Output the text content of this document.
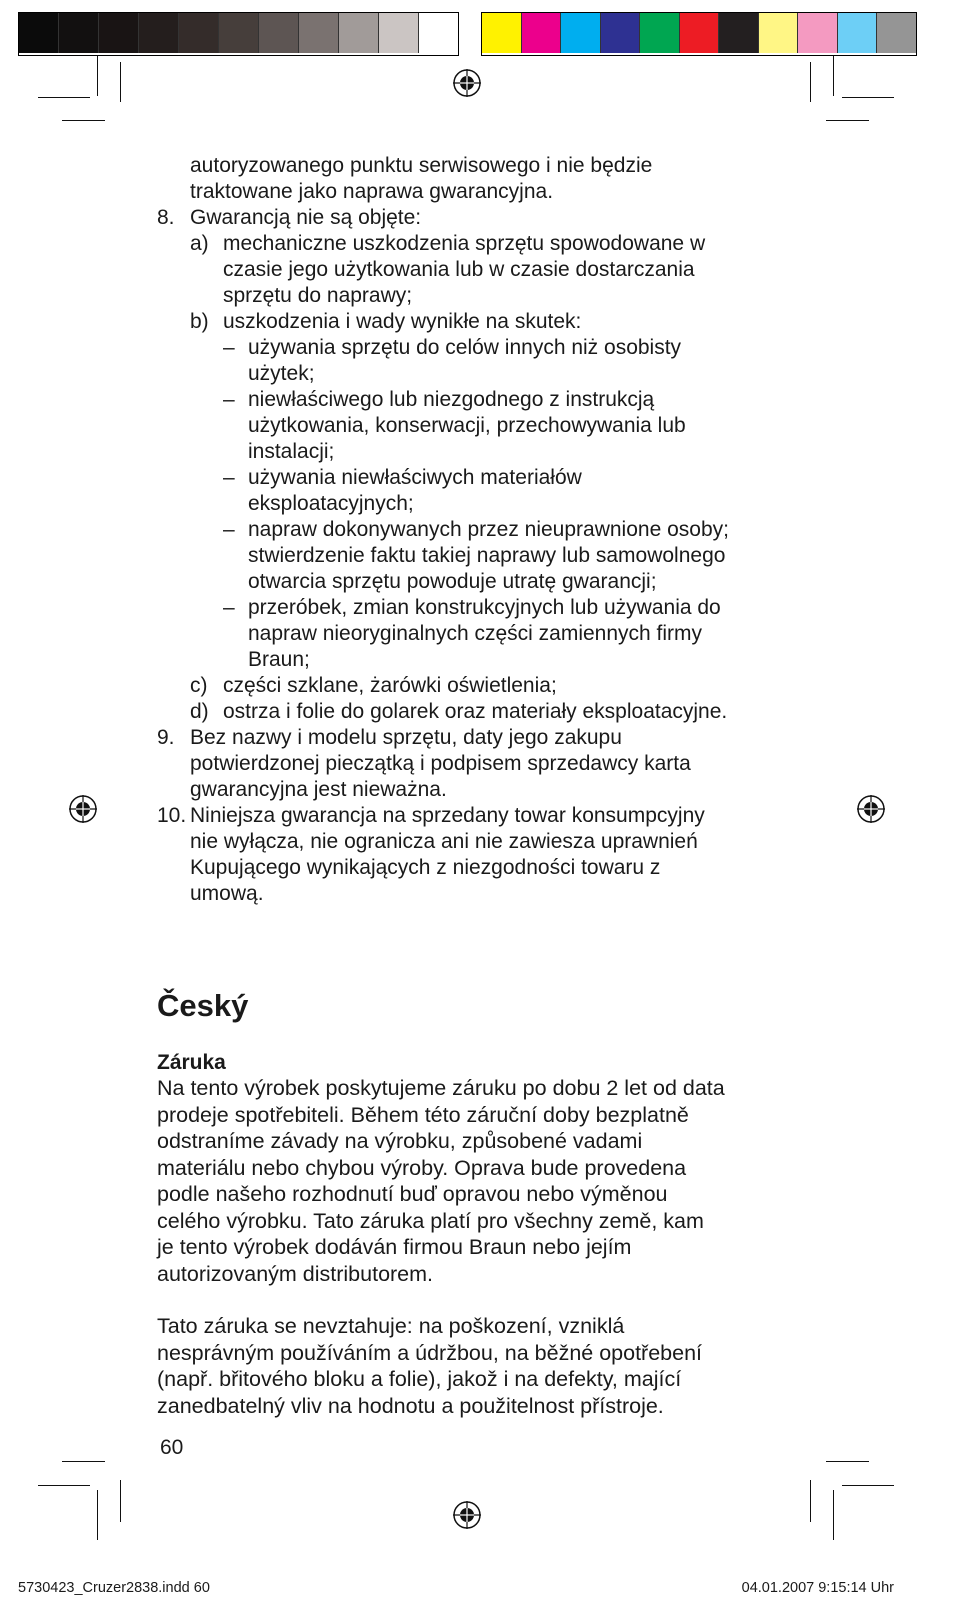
autoryzowanego punktu serwisowego i nie będzie
traktowane jako naprawa gwarancyjna.
8. Gwarancją nie są objęte:
a) mechaniczne uszkodzenia sprzętu spowodowane w
czasie jego użytkowania lub w czasie dostarczania
sprzętu do naprawy;
b) uszkodzenia i wady wynikłe na skutek:
– używania sprzętu do celów innych niż osobisty
użytek;
– niewłaściwego lub niezgodnego z instrukcją
użytkowania, konserwacji, przechowywania lub
instalacji;
– używania niewłaściwych materiałów
eksploatacyjnych;
– napraw dokonywanych przez nieuprawnione osoby;
stwierdzenie faktu takiej naprawy lub samowolnego
otwarcia sprzętu powoduje utratę gwarancji;
– przeróbek, zmian konstrukcyjnych lub używania do
napraw nieoryginalnych części zamiennych firmy
Braun;
c) części szklane, żarówki oświetlenia;
d) ostrza i folie do golarek oraz materiały eksploatacyjne.
9. Bez nazwy i modelu sprzętu, daty jego zakupu
potwierdzonej pieczątką i podpisem sprzedawcy karta
gwarancyjna jest nieważna.
10. Niniejsza gwarancja na sprzedany towar konsumpcyjny
nie wyłącza, nie ogranicza ani nie zawiesza uprawnień
Kupującego wynikających z niezgodności towaru z
umową.
Český
Záruka
Na tento výrobek poskytujeme záruku po dobu 2 let od data
prodeje spotřebiteli. Během této záruční doby bezplatně
odstraníme závady na výrobku, způsobené vadami
materiálu nebo chybou výroby. Oprava bude provedena
podle našeho rozhodnutí buď opravou nebo výměnou
celého výrobku. Tato záruka platí pro všechny země, kam
je tento výrobek dodáván firmou Braun nebo jejím
autorizovaným distributorem.
Tato záruka se nevztahuje: na poškození, vzniklá
nesprávným používáním a údržbou, na běžné opotřebení
(např. břitového bloku a folie), jakož i na defekty, mající
zanedbatelný vliv na hodnotu a použitelnost přístroje.
60
5730423_Cruzer2838.indd 60	04.01.2007 9:15:14 Uhr
